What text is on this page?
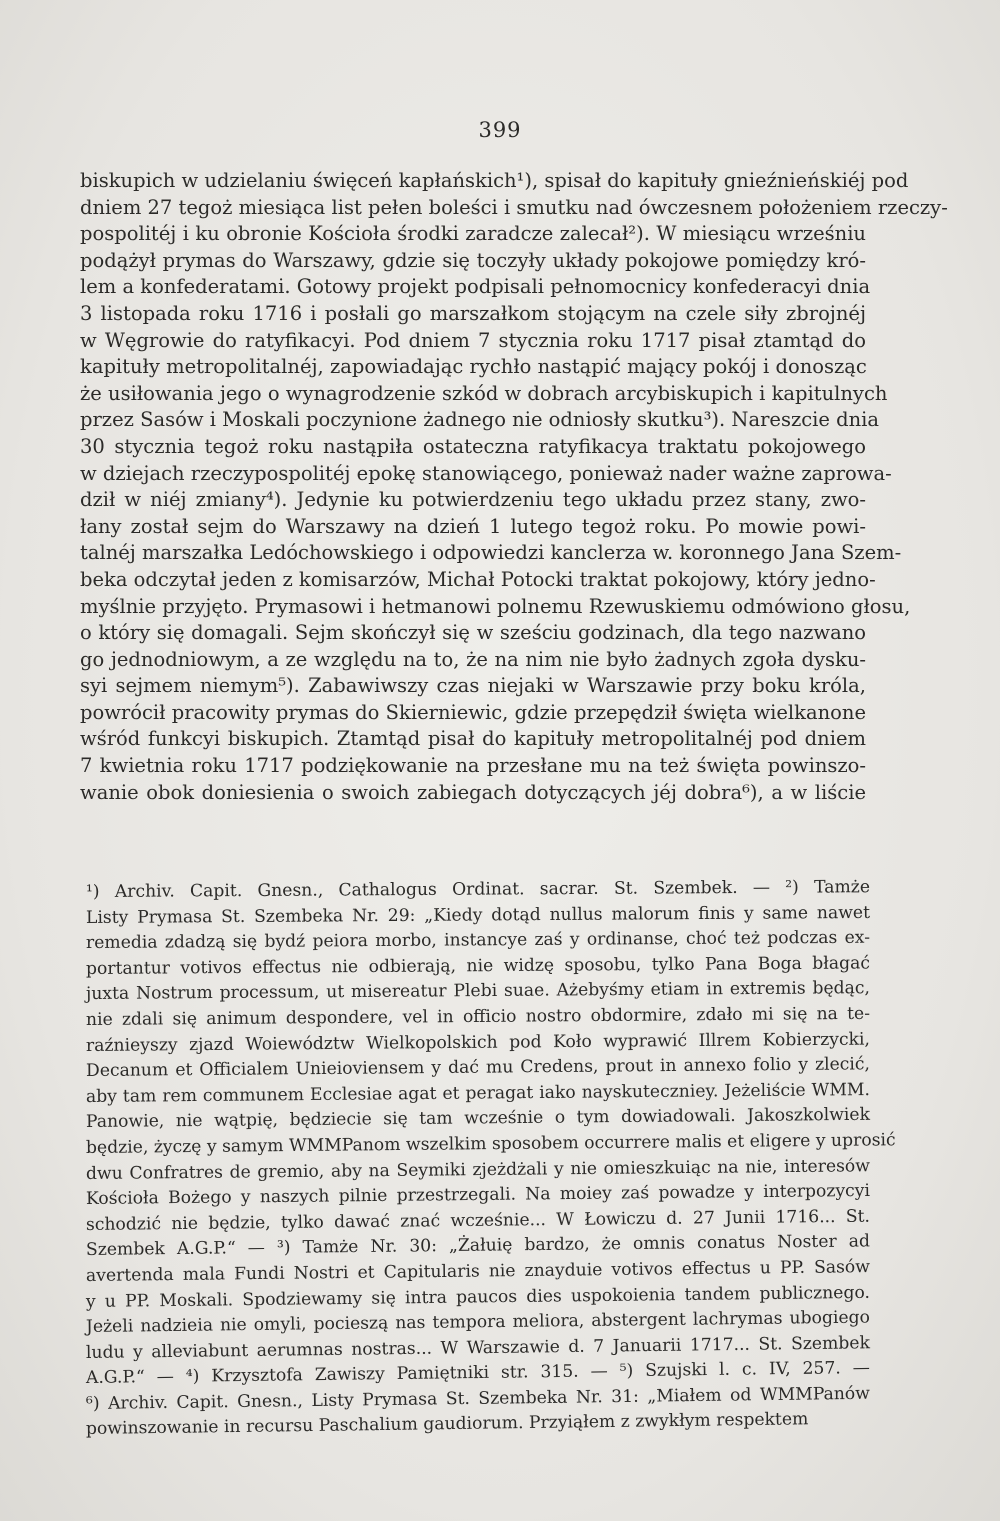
399
biskupich w udzielaniu święceń kapłańskich¹), spisał do kapituły gnieźnieńskiéj pod
dniem 27 tegoż miesiąca list pełen boleści i smutku nad ówczesnem położeniem rzeczy-
pospolitéj i ku obronie Kościoła środki zaradcze zalecał²). W miesiącu wrześniu
podążył prymas do Warszawy, gdzie się toczyły układy pokojowe pomiędzy kró-
lem a konfederatami. Gotowy projekt podpisali pełnomocnicy konfederacyi dnia
3 listopada roku 1716 i posłali go marszałkom stojącym na czele siły zbrojnéj
w Węgrowie do ratyfikacyi. Pod dniem 7 stycznia roku 1717 pisał ztamtąd do
kapituły metropolitalnéj, zapowiadając rychło nastąpić mający pokój i donosząc
że usiłowania jego o wynagrodzenie szkód w dobrach arcybiskupich i kapitulnych
przez Sasów i Moskali poczynione żadnego nie odniosły skutku³). Nareszcie dnia
30 stycznia tegoż roku nastąpiła ostateczna ratyfikacya traktatu pokojowego
w dziejach rzeczypospolitéj epokę stanowiącego, ponieważ nader ważne zaprowa-
dził w niéj zmiany⁴). Jedynie ku potwierdzeniu tego układu przez stany, zwo-
łany został sejm do Warszawy na dzień 1 lutego tegoż roku. Po mowie powi-
talnéj marszałka Ledóchowskiego i odpowiedzi kanclerza w. koronnego Jana Szem-
beka odczytał jeden z komisarzów, Michał Potocki traktat pokojowy, który jedno-
myślnie przyjęto. Prymasowi i hetmanowi polnemu Rzewuskiemu odmówiono głosu,
o który się domagali. Sejm skończył się w sześciu godzinach, dla tego nazwano
go jednodniowym, a ze względu na to, że na nim nie było żadnych zgoła dysku-
syi sejmem niemym⁵). Zabawiwszy czas niejaki w Warszawie przy boku króla,
powrócił pracowity prymas do Skierniewic, gdzie przepędził święta wielkanone
wśród funkcyi biskupich. Ztamtąd pisał do kapituły metropolitalnéj pod dniem
7 kwietnia roku 1717 podziękowanie na przesłane mu na też święta powinszo-
wanie obok doniesienia o swoich zabiegach dotyczących jéj dobra⁶), a w liście
¹) Archiv. Capit. Gnesn., Cathalogus Ordinat. sacrar. St. Szembek. — ²) Tamże
Listy Prymasa St. Szembeka Nr. 29: „Kiedy dotąd nullus malorum finis y same nawet
remedia zdadzą się bydź peiora morbo, instancye zaś y ordinanse, choć też podczas ex-
portantur votivos effectus nie odbierają, nie widzę sposobu, tylko Pana Boga błagać
juxta Nostrum processum, ut misereatur Plebi suae. Ażebyśmy etiam in extremis będąc,
nie zdali się animum despondere, vel in officio nostro obdormire, zdało mi się na te-
raźnieyszy zjazd Woiewództw Wielkopolskich pod Koło wyprawić Illrem Kobierzycki,
Decanum et Officialem Unieioviensem y dać mu Credens, prout in annexo folio y zlecić,
aby tam rem communem Ecclesiae agat et peragat iako nayskuteczniey. Jeżeliście WMM.
Panowie, nie wątpię, będziecie się tam wcześnie o tym dowiadowali. Jakoszkolwiek
będzie, życzę y samym WMMPanom wszelkim sposobem occurrere malis et eligere y uprosić
dwu Confratres de gremio, aby na Seymiki zjeżdżali y nie omieszkuiąc na nie, interesów
Kościoła Bożego y naszych pilnie przestrzegali. Na moiey zaś powadze y interpozycyi
schodzić nie będzie, tylko dawać znać wcześnie... W Łowiczu d. 27 Junii 1716... St.
Szembek A.G.P.“ — ³) Tamże Nr. 30: „Żałuię bardzo, że omnis conatus Noster ad
avertenda mala Fundi Nostri et Capitularis nie znayduie votivos effectus u PP. Sasów
y u PP. Moskali. Spodziewamy się intra paucos dies uspokoienia tandem publicznego.
Jeżeli nadzieia nie omyli, pocieszą nas tempora meliora, abstergent lachrymas ubogiego
ludu y alleviabunt aerumnas nostras... W Warszawie d. 7 Januarii 1717... St. Szembek
A.G.P.“ — ⁴) Krzysztofa Zawiszy Pamiętniki str. 315. — ⁵) Szujski l. c. IV, 257. —
⁶) Archiv. Capit. Gnesn., Listy Prymasa St. Szembeka Nr. 31: „Miałem od WMMPanów
powinszowanie in recursu Paschalium gaudiorum. Przyiąłem z zwykłym respektem
